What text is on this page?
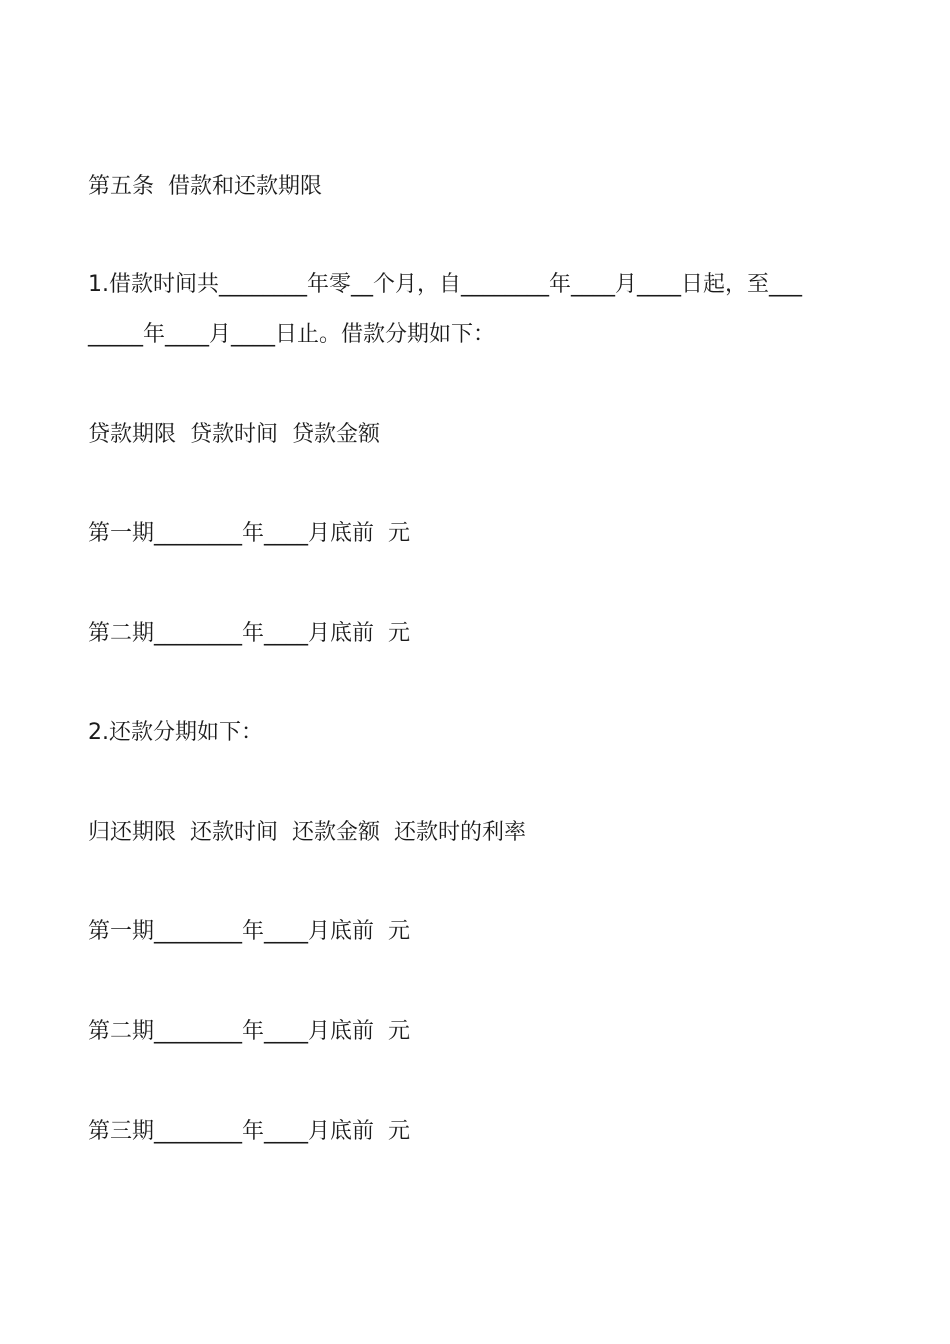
第五条  借款和还款期限
1.借款时间共________年零__个月，自________年____月____日起，至___
_____年____月____日止。借款分期如下：
贷款期限  贷款时间  贷款金额
第一期________年____月底前  元
第二期________年____月底前  元
2.还款分期如下：
归还期限  还款时间  还款金额  还款时的利率
第一期________年____月底前  元
第二期________年____月底前  元
第三期________年____月底前  元
